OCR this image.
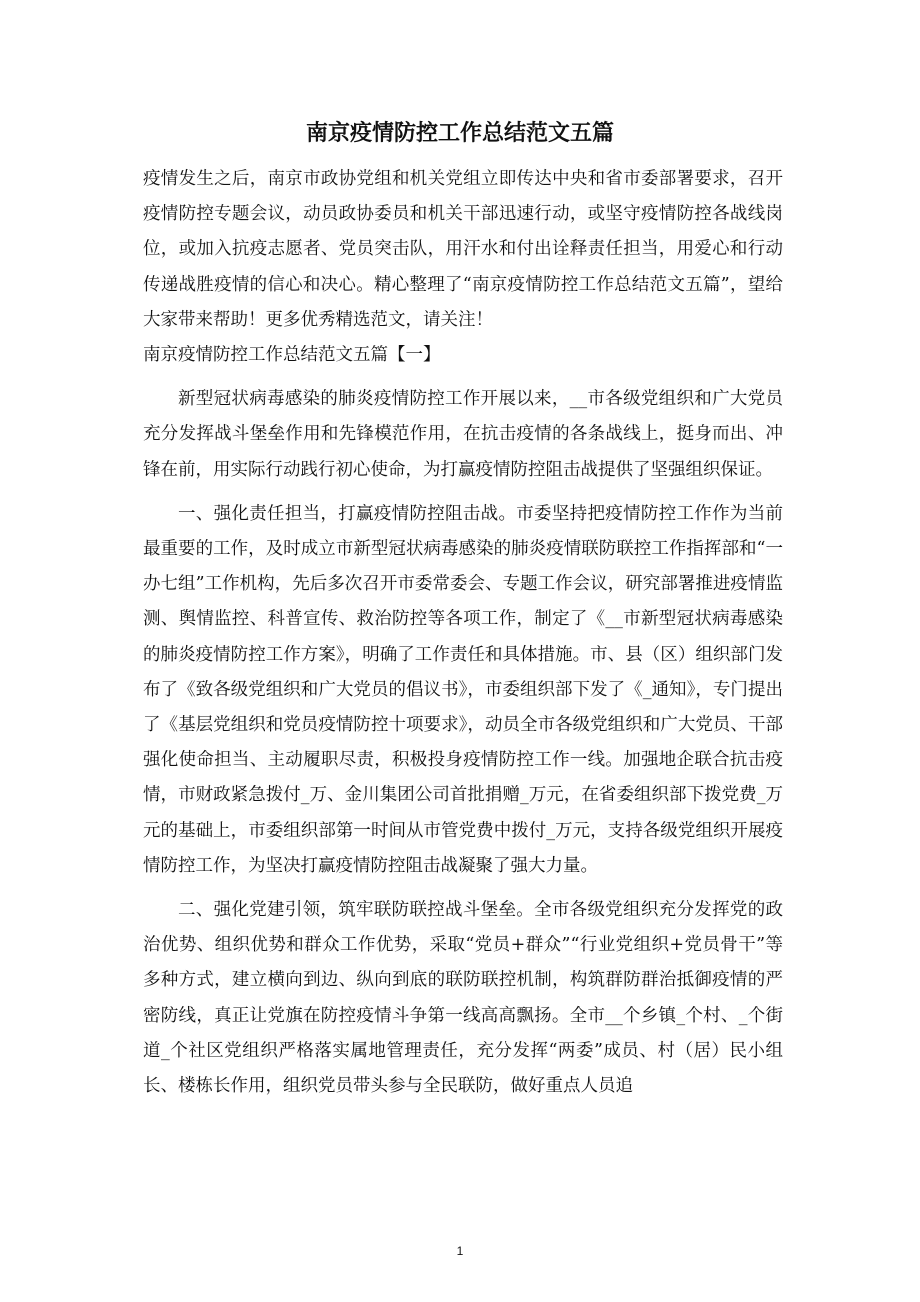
南京疫情防控工作总结范文五篇

疫情发生之后，南京市政协党组和机关党组立即传达中央和省市委部署要求，召开疫情防控专题会议，动员政协委员和机关干部迅速行动，或坚守疫情防控各战线岗位，或加入抗疫志愿者、党员突击队，用汗水和付出诠释责任担当，用爱心和行动传递战胜疫情的信心和决心。精心整理了“南京疫情防控工作总结范文五篇”，望给大家带来帮助！更多优秀精选范文，请关注！

南京疫情防控工作总结范文五篇【一】

新型冠状病毒感染的肺炎疫情防控工作开展以来，__市各级党组织和广大党员充分发挥战斗堡垒作用和先锋模范作用，在抗击疫情的各条战线上，挺身而出、冲锋在前，用实际行动践行初心使命，为打赢疫情防控阻击战提供了坚强组织保证。

一、强化责任担当，打赢疫情防控阻击战。市委坚持把疫情防控工作作为当前最重要的工作，及时成立市新型冠状病毒感染的肺炎疫情联防联控工作指挥部和“一办七组”工作机构，先后多次召开市委常委会、专题工作会议，研究部署推进疫情监测、舆情监控、科普宣传、救治防控等各项工作，制定了《__市新型冠状病毒感染的肺炎疫情防控工作方案》，明确了工作责任和具体措施。市、县（区）组织部门发布了《致各级党组织和广大党员的倡议书》，市委组织部下发了《_通知》，专门提出了《基层党组织和党员疫情防控十项要求》，动员全市各级党组织和广大党员、干部强化使命担当、主动履职尽责，积极投身疫情防控工作一线。加强地企联合抗击疫情，市财政紧急拨付_万、金川集团公司首批捐赠_万元，在省委组织部下拨党费_万元的基础上，市委组织部第一时间从市管党费中拨付_万元，支持各级党组织开展疫情防控工作，为坚决打赢疫情防控阻击战凝聚了强大力量。

二、强化党建引领，筑牢联防联控战斗堡垒。全市各级党组织充分发挥党的政治优势、组织优势和群众工作优势，采取“党员+群众”“行业党组织+党员骨干”等多种方式，建立横向到边、纵向到底的联防联控机制，构筑群防群治抵御疫情的严密防线，真正让党旗在防控疫情斗争第一线高高飘扬。全市__个乡镇_个村、_个街道_个社区党组织严格落实属地管理责任，充分发挥“两委”成员、村（居）民小组长、楼栋长作用，组织党员带头参与全民联防，做好重点人员追

1
